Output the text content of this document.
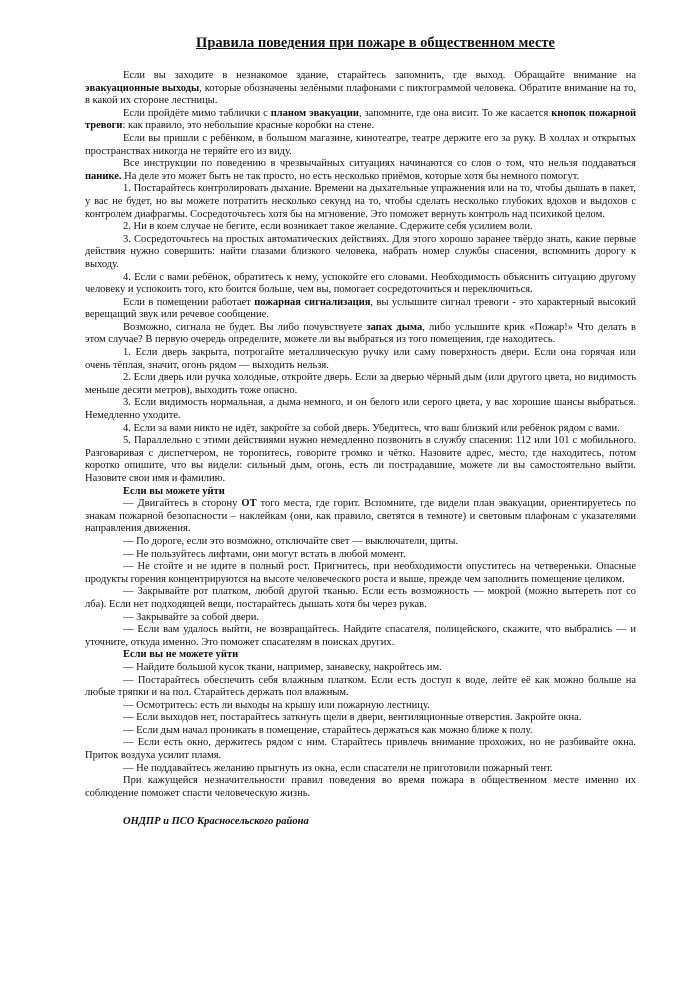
Правила поведения при пожаре в общественном месте

Если вы заходите в незнакомое здание, старайтесь запомнить, где выход. Обращайте внимание на эвакуационные выходы, которые обозначены зелёными плафонами с пиктограммой человека. Обратите внимание на то, в какой их стороне лестницы.

Если пройдёте мимо таблички с планом эвакуации, запомните, где она висит. То же касается кнопок пожарной тревоги: как правило, это небольшие красные коробки на стене.

Если вы пришли с ребёнком, в большом магазине, кинотеатре, театре держите его за руку. В холлах и открытых пространствах никогда не теряйте его из виду.

Все инструкции по поведению в чрезвычайных ситуациях начинаются со слов о том, что нельзя поддаваться панике. На деле это может быть не так просто, но есть несколько приёмов, которые хотя бы немного помогут.

1. Постарайтесь контролировать дыхание. Времени на дыхательные упражнения или на то, чтобы дышать в пакет, у вас не будет, но вы можете потратить несколько секунд на то, чтобы сделать несколько глубоких вдохов и выдохов с контролем диафрагмы. Сосредоточьтесь хотя бы на мгновение. Это поможет вернуть контроль над психикой целом.

2. Ни в коем случае не бегите, если возникает такое желание. Сдержите себя усилием воли.

3. Сосредоточьтесь на простых автоматических действиях. Для этого хорошо заранее твёрдо знать, какие первые действия нужно совершить: найти глазами близкого человека, набрать номер службы спасения, вспомнить дорогу к выходу.

4. Если с вами ребёнок, обратитесь к нему, успокойте его словами. Необходимость объяснить ситуацию другому человеку и успокоить того, кто боится больше, чем вы, помогает сосредоточиться и переключиться.

Если в помещении работает пожарная сигнализация, вы услышите сигнал тревоги - это характерный высокий верещащий звук или речевое сообщение.

Возможно, сигнала не будет. Вы либо почувствуете запах дыма, либо услышите крик «Пожар!» Что делать в этом случае? В первую очередь определите, можете ли вы выбраться из того помещения, где находитесь.

1. Если дверь закрыта, потрогайте металлическую ручку или саму поверхность двери. Если она горячая или очень тёплая, значит, огонь рядом — выходить нельзя.

2. Если дверь или ручка холодные, откройте дверь. Если за дверью чёрный дым (или другого цвета, но видимость меньше десяти метров), выходить тоже опасно.

3. Если видимость нормальная, а дыма немного, и он белого или серого цвета, у вас хорошие шансы выбраться. Немедленно уходите.

4. Если за вами никто не идёт, закройте за собой дверь. Убедитесь, что ваш близкий или ребёнок рядом с вами.

5. Параллельно с этими действиями нужно немедленно позвонить в службу спасения: 112 или 101 с мобильного. Разговаривая с диспетчером, не торопитесь, говорите громко и чётко. Назовите адрес, место, где находитесь, потом коротко опишите, что вы видели: сильный дым, огонь, есть ли пострадавшие, можете ли вы самостоятельно выйти. Назовите свои имя и фамилию.

Если вы можете уйти

— Двигайтесь в сторону ОТ того места, где горит. Вспомните, где видели план эвакуации, ориентируетесь по знакам пожарной безопасности – наклейкам (они, как правило, светятся в темноте) и световым плафонам с указателями направления движения.

— По дороге, если это возможно, отключайте свет — выключатели, щиты.

— Не пользуйтесь лифтами, они могут встать в любой момент.

— Не стойте и не идите в полный рост. Пригнитесь, при необходимости опуститесь на четвереньки. Опасные продукты горения концентрируются на высоте человеческого роста и выше, прежде чем заполнить помещение целиком.

— Закрывайте рот платком, любой другой тканью. Если есть возможность — мокрой (можно вытереть пот со лба). Если нет подходящей вещи, постарайтесь дышать хотя бы через рукав.

— Закрывайте за собой двери.

— Если вам удалось выйти, не возвращайтесь. Найдите спасателя, полицейского, скажите, что выбрались — и уточните, откуда именно. Это поможет спасателям в поисках других.

Если вы не можете уйти

— Найдите большой кусок ткани, например, занавеску, накройтесь им.

— Постарайтесь обеспечить себя влажным платком. Если есть доступ к воде, лейте её как можно больше на любые тряпки и на пол. Старайтесь держать пол влажным.

— Осмотритесь: есть ли выходы на крышу или пожарную лестницу.

— Если выходов нет, постарайтесь заткнуть щели в двери, вентиляционные отверстия. Закройте окна.

— Если дым начал проникать в помещение, старайтесь держаться как можно ближе к полу.

— Если есть окно, держитесь рядом с ним. Старайтесь привлечь внимание прохожих, но не разбивайте окна. Приток воздуха усилит пламя.

— Не поддавайтесь желанию прыгнуть из окна, если спасатели не приготовили пожарный тент.

При кажущейся незначительности правил поведения во время пожара в общественном месте именно их соблюдение поможет спасти человеческую жизнь.

ОНДПР и ПСО Красносельского района
